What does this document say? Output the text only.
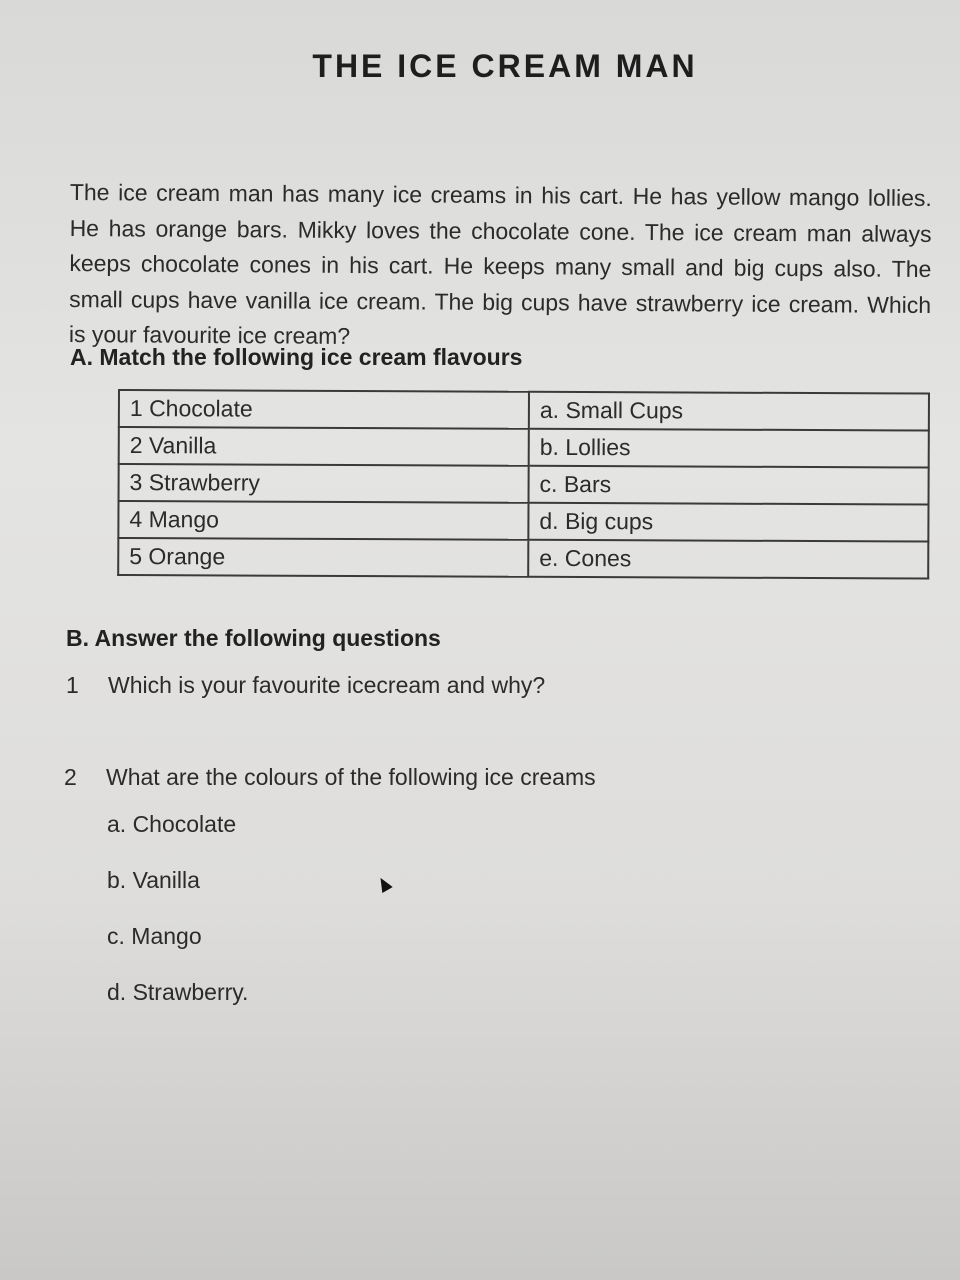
THE ICE CREAM MAN

The ice cream man has many ice creams in his cart. He has yellow mango lollies. He has orange bars. Mikky loves the chocolate cone. The ice cream man always keeps chocolate cones in his cart. He keeps many small and big cups also. The small cups have vanilla ice cream. The big cups have strawberry ice cream. Which is your favourite ice cream?

A. Match the following ice cream flavours
1 Chocolate	a. Small Cups
2 Vanilla	b. Lollies
3 Strawberry	c. Bars
4 Mango	d. Big cups
5 Orange	e. Cones
B. Answer the following questions
1 Which is your favourite icecream and why?
2 What are the colours of the following ice creams
a. Chocolate
b. Vanilla
c. Mango
d. Strawberry.
